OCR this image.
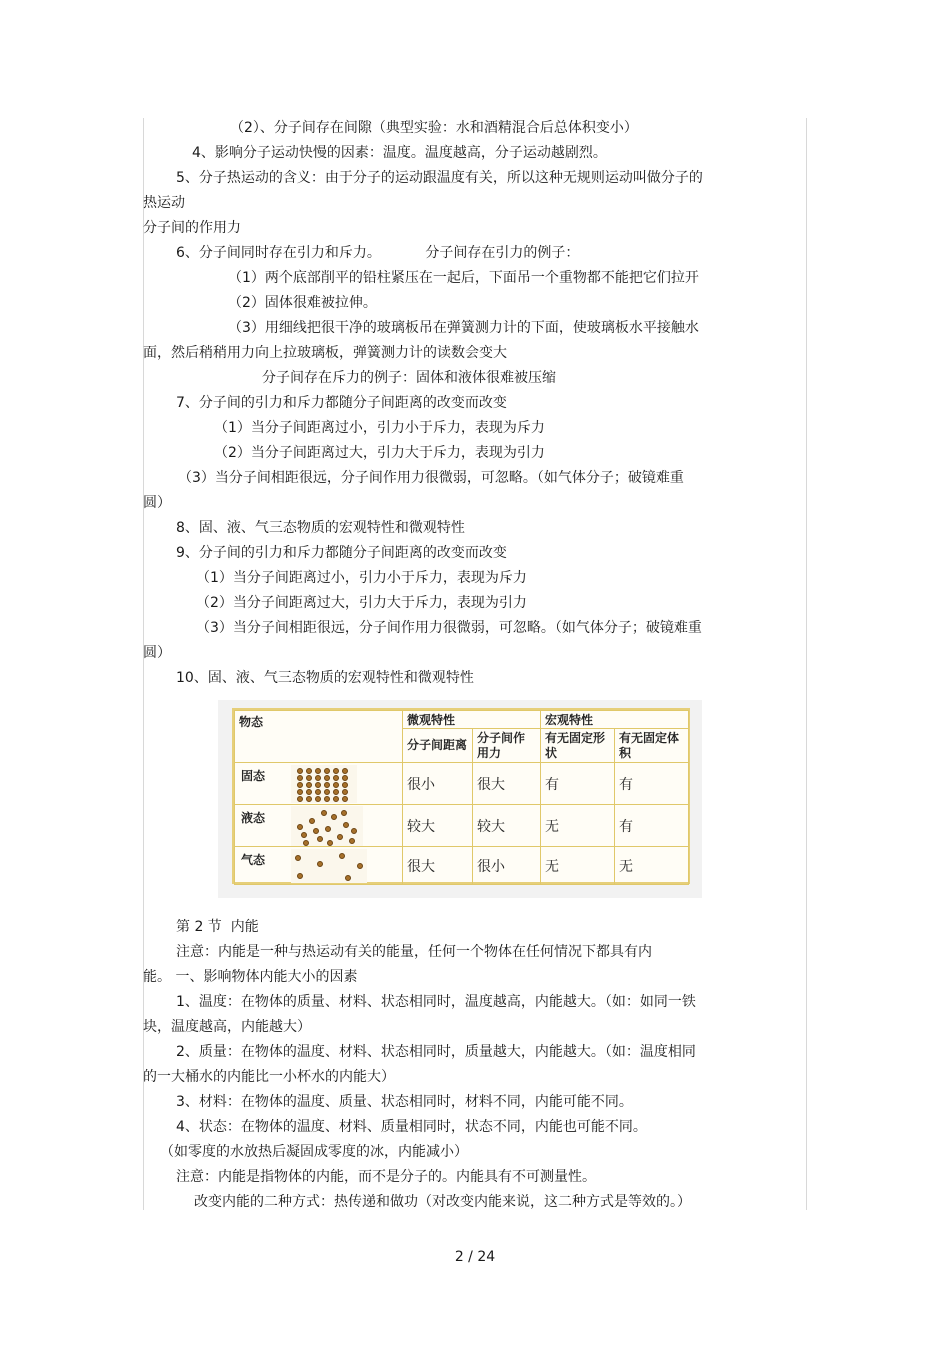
（2）、分子间存在间隙（典型实验：水和酒精混合后总体积变小）
4、影响分子运动快慢的因素：温度。温度越高，分子运动越剧烈。
5、分子热运动的含义：由于分子的运动跟温度有关，所以这种无规则运动叫做分子的
热运动
分子间的作用力
6、分子间同时存在引力和斥力。          分子间存在引力的例子：
（1）两个底部削平的铅柱紧压在一起后，下面吊一个重物都不能把它们拉开
（2）固体很难被拉伸。
（3）用细线把很干净的玻璃板吊在弹簧测力计的下面，使玻璃板水平接触水
面，然后稍稍用力向上拉玻璃板，弹簧测力计的读数会变大
分子间存在斥力的例子：固体和液体很难被压缩
7、分子间的引力和斥力都随分子间距离的改变而改变
（1）当分子间距离过小，引力小于斥力，表现为斥力
（2）当分子间距离过大，引力大于斥力，表现为引力
（3）当分子间相距很远，分子间作用力很微弱，可忽略。（如气体分子；破镜难重
圆）
8、固、液、气三态物质的宏观特性和微观特性
9、分子间的引力和斥力都随分子间距离的改变而改变
（1）当分子间距离过小，引力小于斥力，表现为斥力
（2）当分子间距离过大，引力大于斥力，表现为引力
（3）当分子间相距很远，分子间作用力很微弱，可忽略。（如气体分子；破镜难重
圆）
10、固、液、气三态物质的宏观特性和微观特性
物态	微观特性		宏观特性	
	分子间距离	分子间作用力	有无固定形状	有无固定体积
固态	很小	很大	有	有
液态	较大	较大	无	有
气态	很大	很小	无	无
第 2 节  内能
注意：内能是一种与热运动有关的能量，任何一个物体在任何情况下都具有内
能。 一、影响物体内能大小的因素
1、温度：在物体的质量、材料、状态相同时，温度越高，内能越大。（如：如同一铁
块，温度越高，内能越大）
2、质量：在物体的温度、材料、状态相同时，质量越大，内能越大。（如：温度相同
的一大桶水的内能比一小杯水的内能大）
3、材料：在物体的温度、质量、状态相同时，材料不同，内能可能不同。
4、状态：在物体的温度、材料、质量相同时，状态不同，内能也可能不同。
（如零度的水放热后凝固成零度的冰，内能减小）
注意：内能是指物体的内能，而不是分子的。内能具有不可测量性。
改变内能的二种方式：热传递和做功（对改变内能来说，这二种方式是等效的。）
2 / 24
